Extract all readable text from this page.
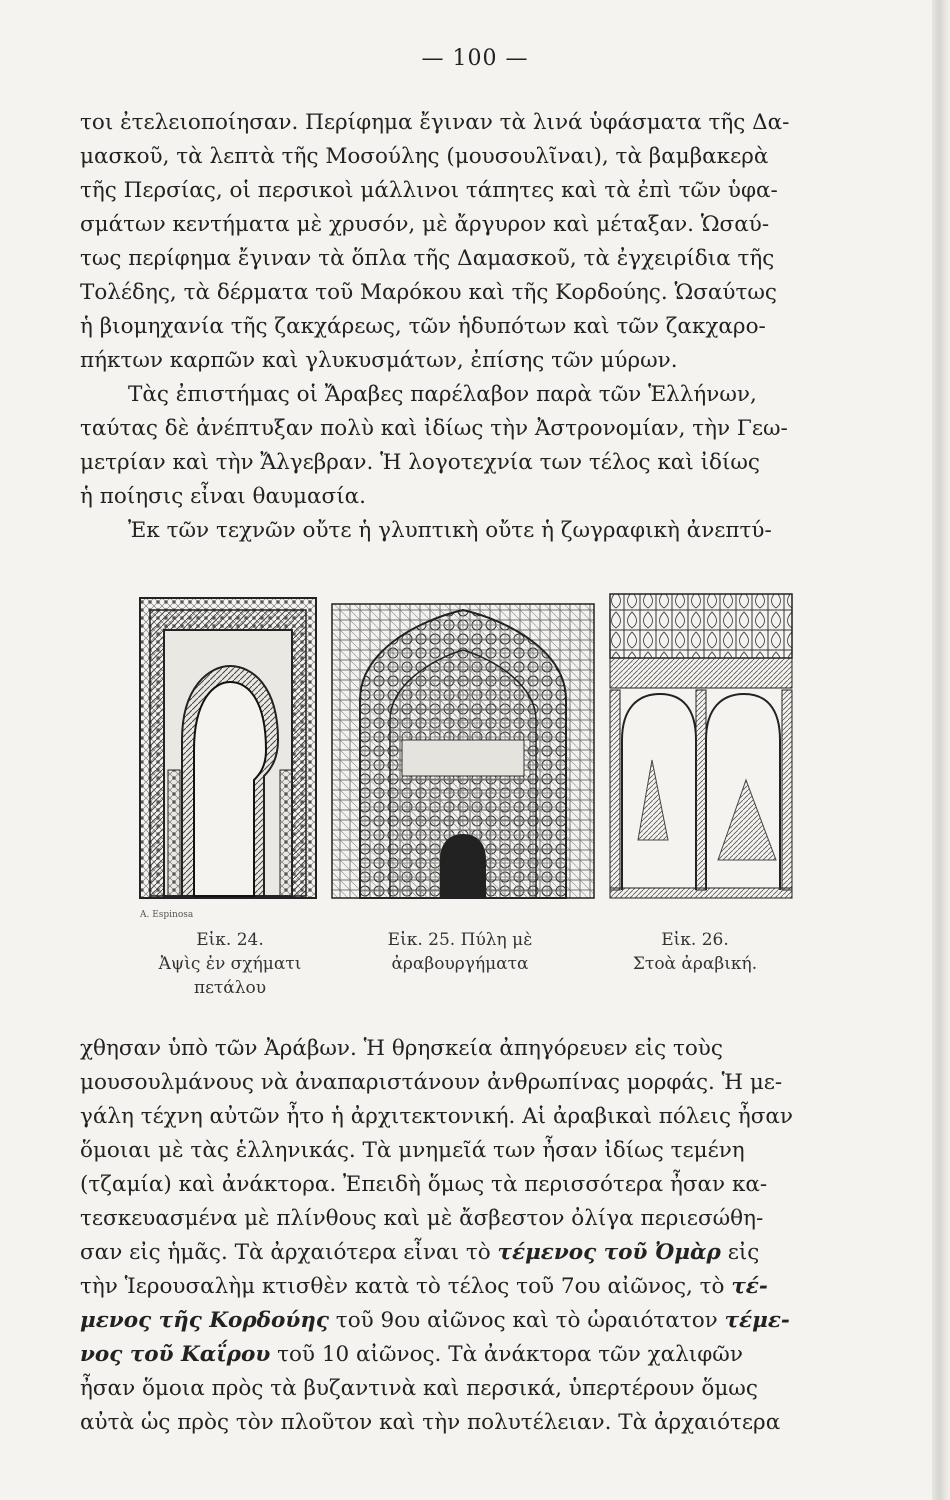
— 100 —

τοι ἐτελειοποίησαν. Περίφημα ἔγιναν τὰ λινά ὑφάσματα τῆς Δα-
μασκοῦ, τὰ λεπτὰ τῆς Μοσούλης (μουσουλῖναι), τὰ βαμβακερὰ
τῆς Περσίας, οἱ περσικοὶ μάλλινοι τάπητες καὶ τὰ ἐπὶ τῶν ὑφα-
σμάτων κεντήματα μὲ χρυσόν, μὲ ἄργυρον καὶ μέταξαν. Ὡσαύ-
τως περίφημα ἔγιναν τὰ ὅπλα τῆς Δαμασκοῦ, τὰ ἐγχειρίδια τῆς
Τολέδης, τὰ δέρματα τοῦ Μαρόκου καὶ τῆς Κορδούης. Ὡσαύτως
ἡ βιομηχανία τῆς ζακχάρεως, τῶν ἡδυπότων καὶ τῶν ζακχαρο-
πήκτων καρπῶν καὶ γλυκυσμάτων, ἐπίσης τῶν μύρων.

Τὰς ἐπιστήμας οἱ Ἄραβες παρέλαβον παρὰ τῶν Ἑλλήνων,
ταύτας δὲ ἀνέπτυξαν πολὺ καὶ ἰδίως τὴν Ἀστρονομίαν, τὴν Γεω-
μετρίαν καὶ τὴν Ἄλγεβραν. Ἡ λογοτεχνία των τέλος καὶ ἰδίως
ἡ ποίησις εἶναι θαυμασία.

Ἐκ τῶν τεχνῶν οὔτε ἡ γλυπτικὴ οὔτε ἡ ζωγραφικὴ ἀνεπτύ-

A. Espinosa
Εἰκ. 24.
Ἀψὶς ἐν σχήματι πετάλου
Εἰκ. 25. Πύλη μὲ
ἀραβουργήματα
Εἰκ. 26.
Στοὰ ἀραβική.

χθησαν ὑπὸ τῶν Ἀράβων. Ἡ θρησκεία ἀπηγόρευεν εἰς τοὺς
μουσουλμάνους νὰ ἀναπαριστάνουν ἀνθρωπίνας μορφάς. Ἡ με-
γάλη τέχνη αὐτῶν ἦτο ἡ ἀρχιτεκτονική. Αἱ ἀραβικαὶ πόλεις ἦσαν
ὅμοιαι μὲ τὰς ἑλληνικάς. Τὰ μνημεῖά των ἦσαν ἰδίως τεμένη
(τζαμία) καὶ ἀνάκτορα. Ἐπειδὴ ὅμως τὰ περισσότερα ἦσαν κα-
τεσκευασμένα μὲ πλίνθους καὶ μὲ ἄσβεστον ὀλίγα περιεσώθη-
σαν εἰς ἡμᾶς. Τὰ ἀρχαιότερα εἶναι τὸ τέμενος τοῦ Ὀμὰρ εἰς
τὴν Ἱερουσαλὴμ κτισθὲν κατὰ τὸ τέλος τοῦ 7ου αἰῶνος, τὸ τέ-
μενος τῆς Κορδούης τοῦ 9ου αἰῶνος καὶ τὸ ὡραιότατον τέμε-
νος τοῦ Καΐρου τοῦ 10 αἰῶνος. Τὰ ἀνάκτορα τῶν χαλιφῶν
ἦσαν ὅμοια πρὸς τὰ βυζαντινὰ καὶ περσικά, ὑπερτέρουν ὅμως
αὐτὰ ὡς πρὸς τὸν πλοῦτον καὶ τὴν πολυτέλειαν. Τὰ ἀρχαιότερα
